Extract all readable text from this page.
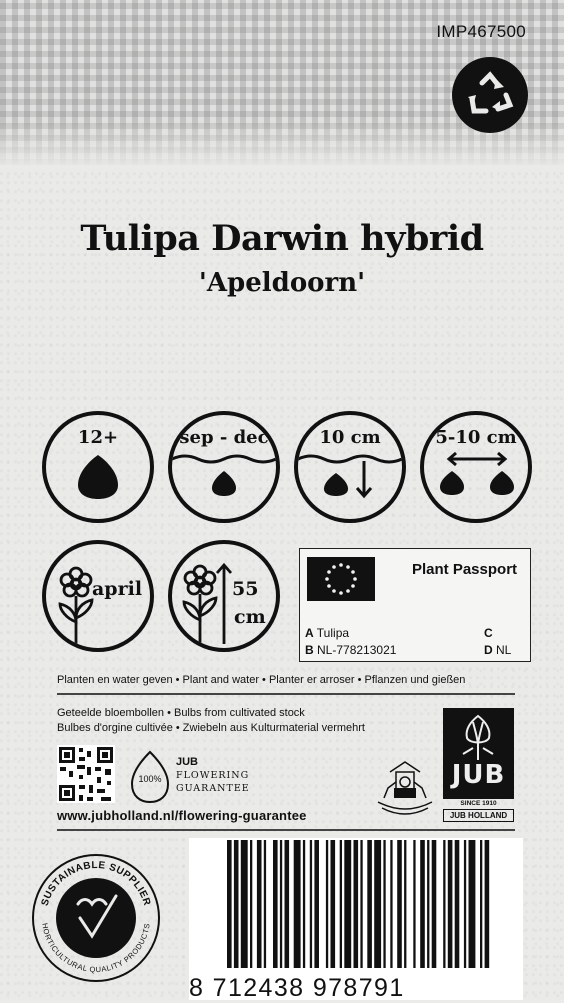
IMP467500
Tulipa Darwin hybrid
'Apeldoorn'
12+	sep - dec	10 cm	5-10 cm
april	55
cm
Plant Passport
A Tulipa
B NL-778213021
C
D NL
Planten en water geven • Plant and water • Planter er arroser • Pflanzen und gießen
Geteelde bloembollen • Bulbs from cultivated stock
Bulbes d'orgine cultivée • Zwiebeln aus Kulturmaterial vermehrt
100%
JUB
FLOWERING
GUARANTEE	JUB
SINCE 1910
JUB HOLLAND
www.jubholland.nl/flowering-guarantee
SUSTAINABLE SUPPLIER
HORTICULTURAL QUALITY PRODUCTS
8 712438 978791
